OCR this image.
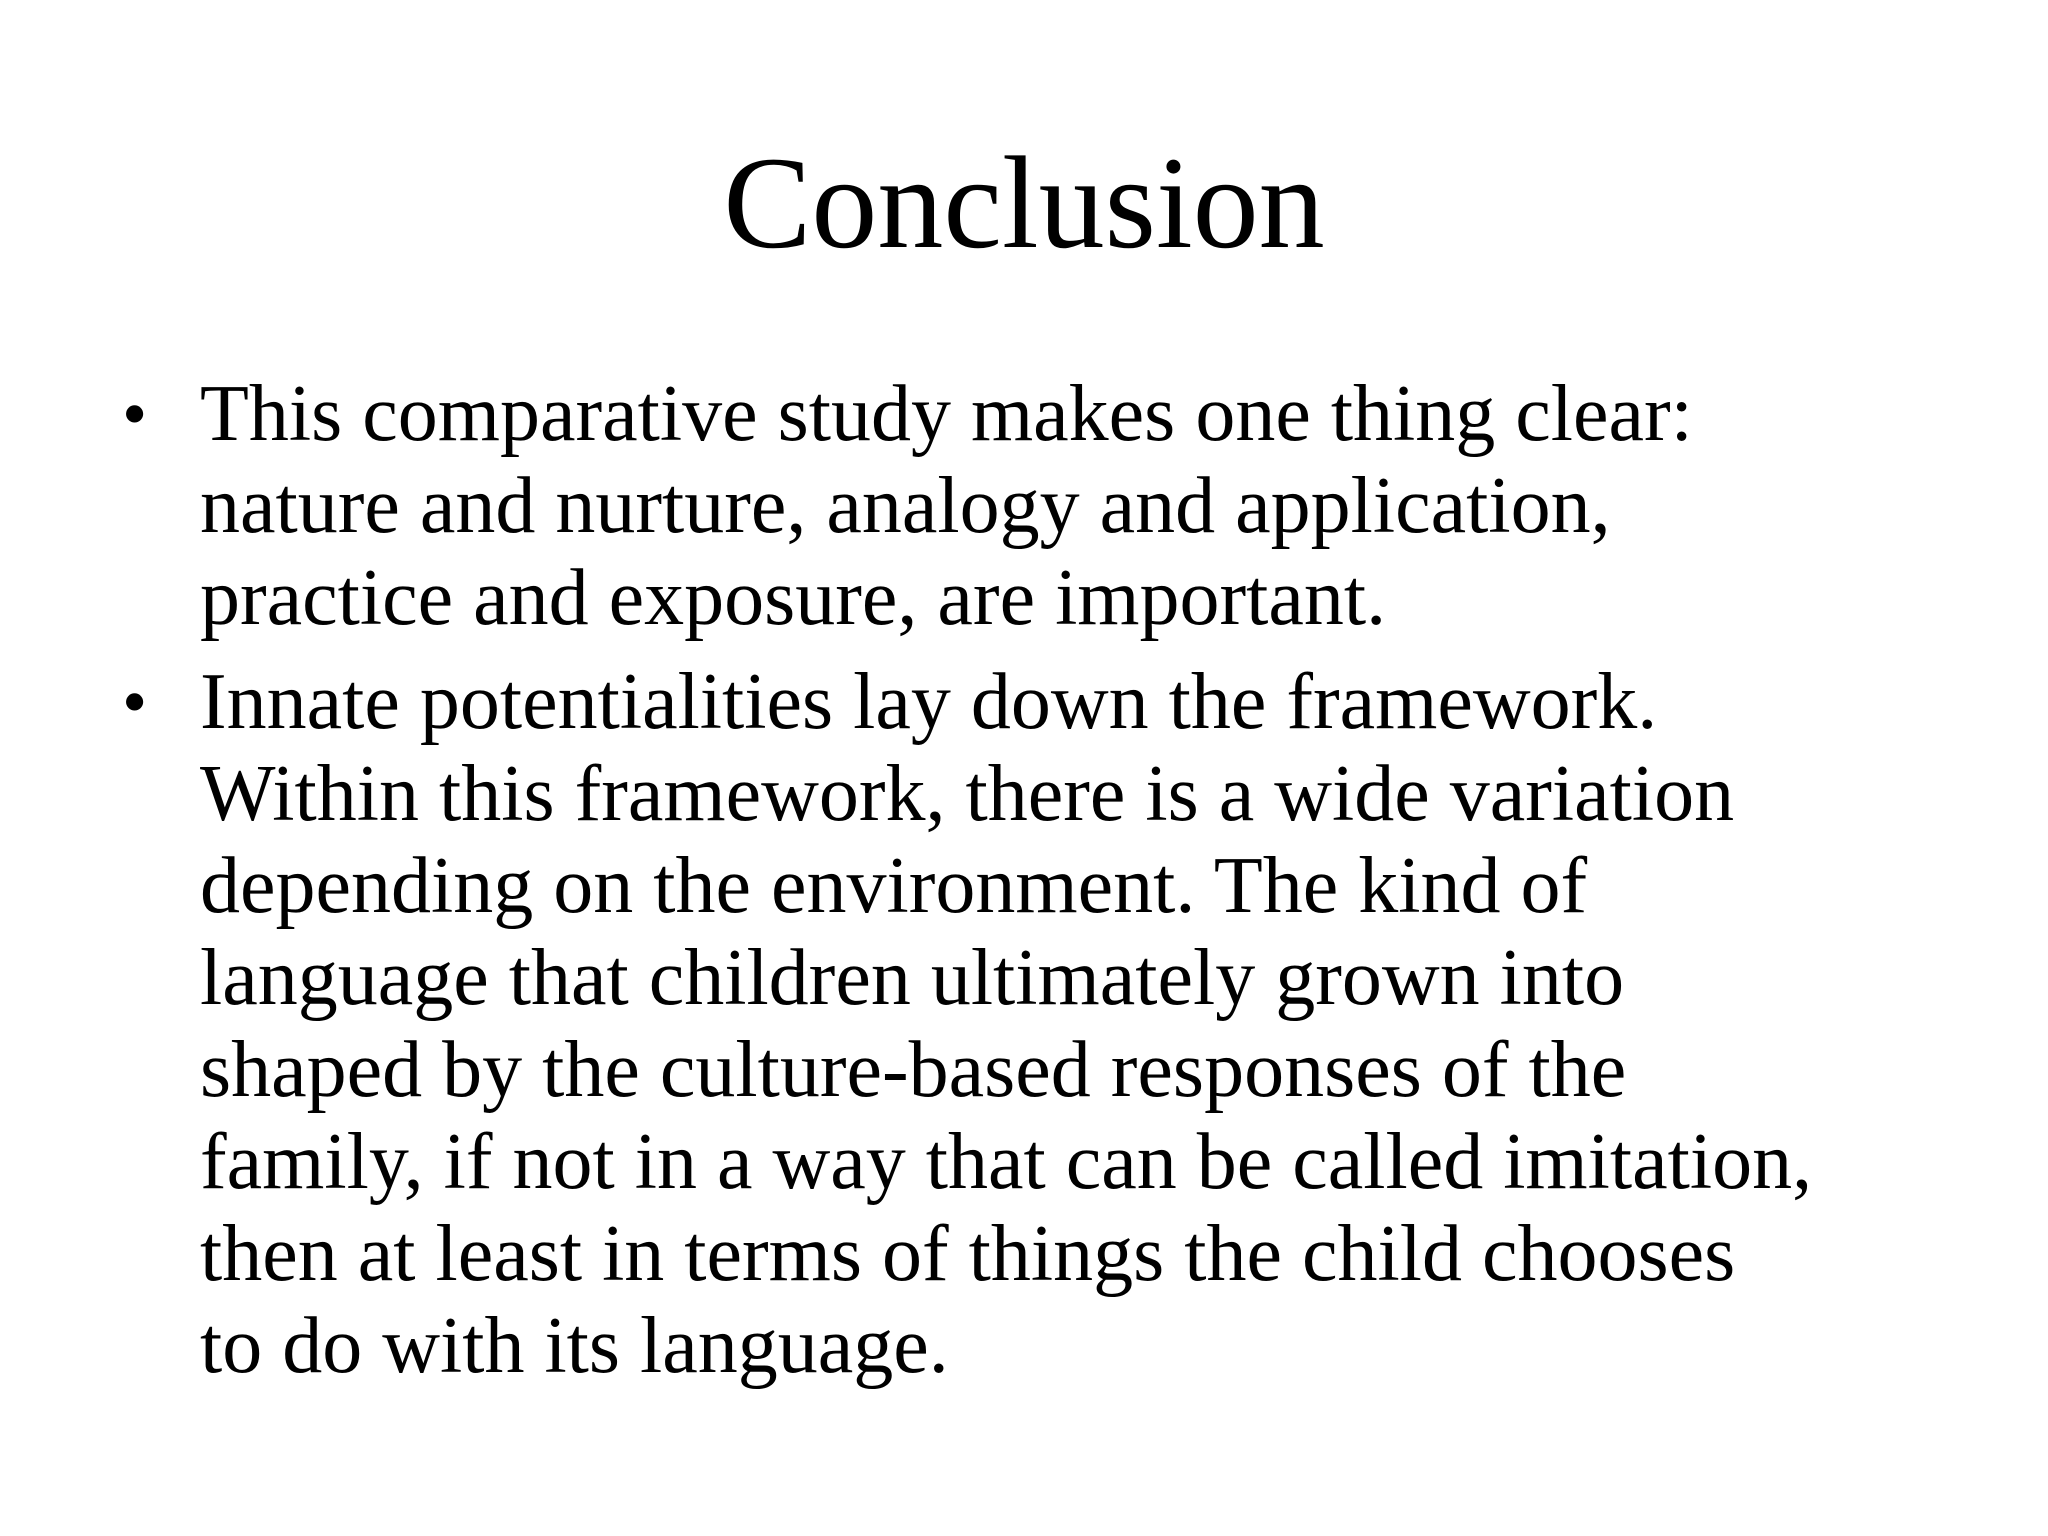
Conclusion
• This comparative study makes one thing clear:
nature and nurture, analogy and application,
practice and exposure, are important.
• Innate potentialities lay down the framework.
Within this framework, there is a wide variation
depending on the environment. The kind of
language that children ultimately grown into
shaped by the culture-based responses of the
family, if not in a way that can be called imitation,
then at least in terms of things the child chooses
to do with its language.
